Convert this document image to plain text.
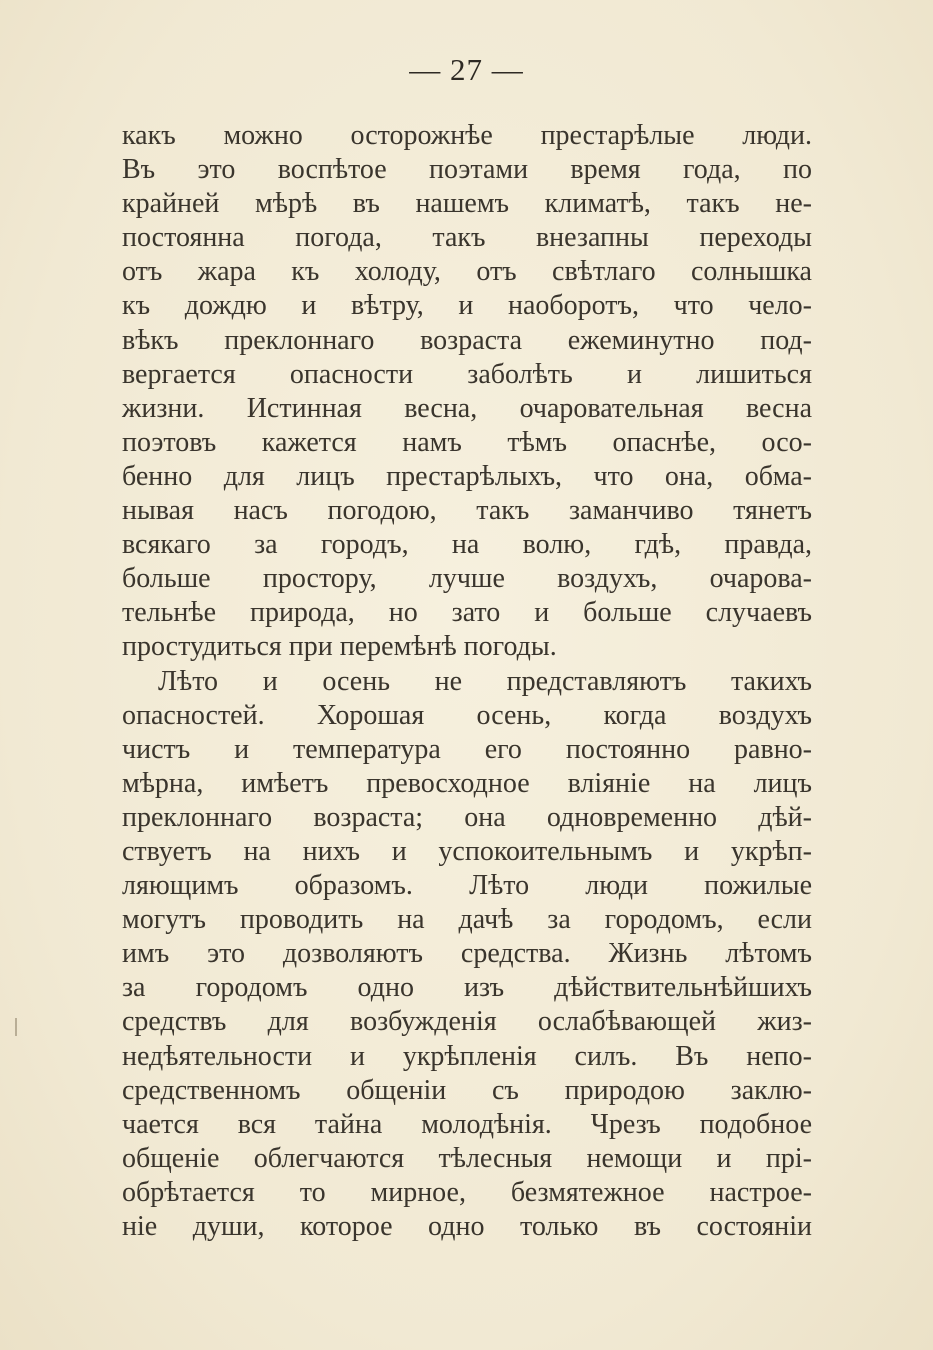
— 27 —
какъ можно осторожнѣе престарѣлые люди.
Въ это воспѣтое поэтами время года, по
крайней мѣрѣ въ нашемъ климатѣ, такъ не-
постоянна погода, такъ внезапны переходы
отъ жара къ холоду, отъ свѣтлаго солнышка
къ дождю и вѣтру, и наоборотъ, что чело-
вѣкъ преклоннаго возраста ежеминутно под-
вергается опасности заболѣть и лишиться
жизни. Истинная весна, очаровательная весна
поэтовъ кажется намъ тѣмъ опаснѣе, осо-
бенно для лицъ престарѣлыхъ, что она, обма-
нывая насъ погодою, такъ заманчиво тянетъ
всякаго за городъ, на волю, гдѣ, правда,
больше простору, лучше воздухъ, очарова-
тельнѣе природа, но зато и больше случаевъ
простудиться при перемѣнѣ погоды.
Лѣто и осень не представляютъ такихъ
опасностей. Хорошая осень, когда воздухъ
чистъ и температура его постоянно равно-
мѣрна, имѣетъ превосходное вліяніе на лицъ
преклоннаго возраста; она одновременно дѣй-
ствуетъ на нихъ и успокоительнымъ и укрѣп-
ляющимъ образомъ. Лѣто люди пожилые
могутъ проводить на дачѣ за городомъ, если
имъ это дозволяютъ средства. Жизнь лѣтомъ
за городомъ одно изъ дѣйствительнѣйшихъ
средствъ для возбужденія ослабѣвающей жиз-
недѣятельности и укрѣпленія силъ. Въ непо-
средственномъ общеніи съ природою заклю-
чается вся тайна молодѣнія. Чрезъ подобное
общеніе облегчаются тѣлесныя немощи и прі-
обрѣтается то мирное, безмятежное настрое-
ніе души, которое одно только въ состояніи
